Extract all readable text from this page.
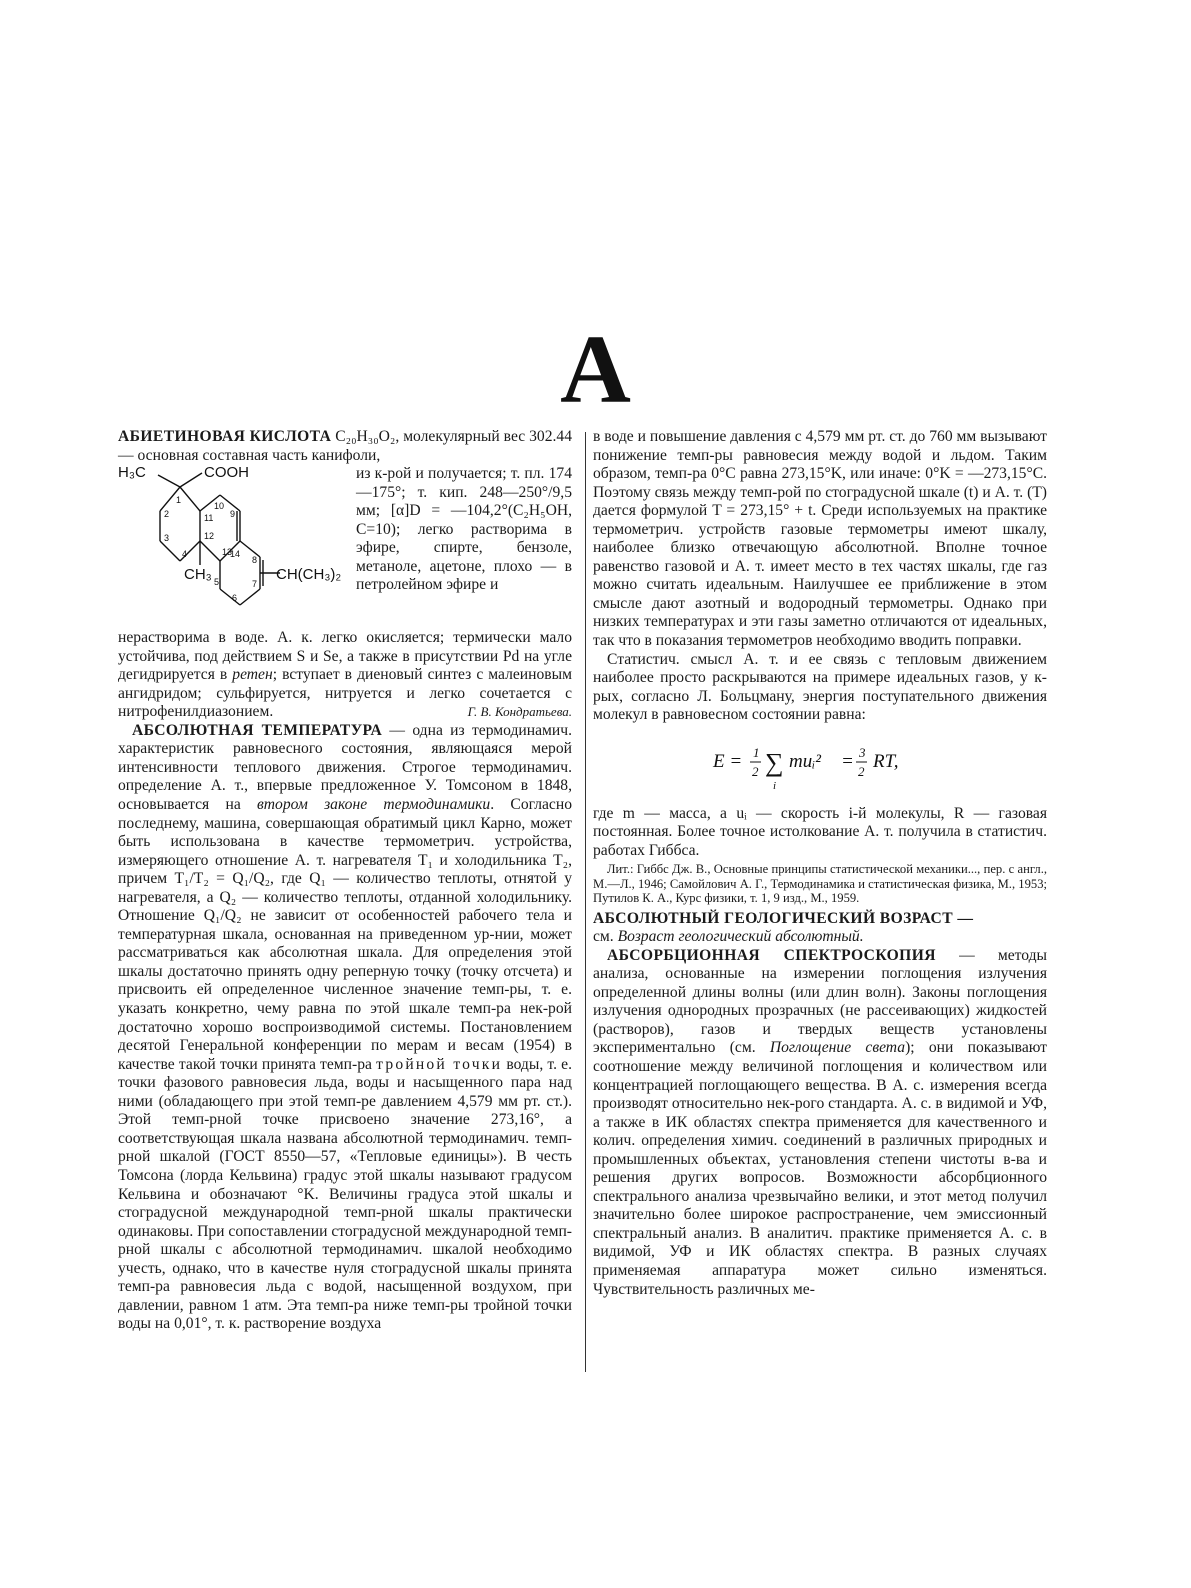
А

АБИЕТИНОВАЯ КИСЛОТА C₂₀H₃₀O₂, молекулярный вес 302.44 — основная составная часть канифоли,

H₃C	COOH
CH₃	CH(CH₃)₂
1
2
3
4
5
6
7
8
9
10
11
12
13
14

из к-рой и получается; т. пл. 174—175°; т. кип. 248—250°/9,5 мм; [α]D = —104,2°(C₂H₅OH, C=10); легко растворима в эфире, спирте, бензоле, метаноле, ацетоне, плохо — в петролейном эфире и

нерастворима в воде. А. к. легко окисляется; термически мало устойчива, под действием S и Se, а также в присутствии Pd на угле дегидрируется в ретен; вступает в диеновый синтез с малеиновым ангидридом; сульфируется, нитруется и легко сочетается с нитрофенилдиазонием.	Г. В. Кондратьева.

АБСОЛЮТНАЯ ТЕМПЕРАТУРА — одна из термодинамич. характеристик равновесного состояния, являющаяся мерой интенсивности теплового движения. Строгое термодинамич. определение А. т., впервые предложенное У. Томсоном в 1848, основывается на втором законе термодинамики. Согласно последнему, машина, совершающая обратимый цикл Карно, может быть использована в качестве термометрич. устройства, измеряющего отношение А. т. нагревателя T₁ и холодильника T₂, причем T₁/T₂ = Q₁/Q₂, где Q₁ — количество теплоты, отнятой у нагревателя, а Q₂ — количество теплоты, отданной холодильнику. Отношение Q₁/Q₂ не зависит от особенностей рабочего тела и температурная шкала, основанная на приведенном ур-нии, может рассматриваться как абсолютная шкала. Для определения этой шкалы достаточно принять одну реперную точку (точку отсчета) и присвоить ей определенное численное значение темп-ры, т. е. указать конкретно, чему равна по этой шкале темп-ра нек-рой достаточно хорошо воспроизводимой системы. Постановлением десятой Генеральной конференции по мерам и весам (1954) в качестве такой точки принята темп-ра тройной точки воды, т. е. точки фазового равновесия льда, воды и насыщенного пара над ними (обладающего при этой темп-ре давлением 4,579 мм рт. ст.). Этой темп-рной точке присвоено значение 273,16°, а соответствующая шкала названа абсолютной термодинамич. темп-рной шкалой (ГОСТ 8550—57, «Тепловые единицы»). В честь Томсона (лорда Кельвина) градус этой шкалы называют градусом Кельвина и обозначают °K. Величины градуса этой шкалы и стоградусной международной темп-рной шкалы практически одинаковы. При сопоставлении стоградусной международной темп-рной шкалы с абсолютной термодинамич. шкалой необходимо учесть, однако, что в качестве нуля стоградусной шкалы принята темп-ра равновесия льда с водой, насыщенной воздухом, при давлении, равном 1 атм. Эта темп-ра ниже темп-ры тройной точки воды на 0,01°, т. к. растворение воздуха

в воде и повышение давления с 4,579 мм рт. ст. до 760 мм вызывают понижение темп-ры равновесия между водой и льдом. Таким образом, темп-ра 0°C равна 273,15°K, или иначе: 0°K = —273,15°C. Поэтому связь между темп-рой по стоградусной шкале (t) и А. т. (T) дается формулой T = 273,15° + t. Среди используемых на практике термометрич. устройств газовые термометры имеют шкалу, наиболее близко отвечающую абсолютной. Вполне точное равенство газовой и А. т. имеет место в тех частях шкалы, где газ можно считать идеальным. Наилучшее ее приближение в этом смысле дают азотный и водородный термометры. Однако при низких температурах и эти газы заметно отличаются от идеальных, так что в показания термометров необходимо вводить поправки.

Статистич. смысл А. т. и ее связь с тепловым движением наиболее просто раскрываются на примере идеальных газов, у к-рых, согласно Л. Больцману, энергия поступательного движения молекул в равновесном состоянии равна:

E = 1
2 ∑
i
muᵢ² = 3
2 RT,

где m — масса, а uᵢ — скорость i-й молекулы, R — газовая постоянная. Более точное истолкование А. т. получила в статистич. работах Гиббса.

Лит.: Гиббс Дж. В., Основные принципы статистической механики..., пер. с англ., М.—Л., 1946; Самойлович А. Г., Термодинамика и статистическая физика, М., 1953; Путилов К. А., Курс физики, т. 1, 9 изд., М., 1959.

АБСОЛЮТНЫЙ ГЕОЛОГИЧЕСКИЙ ВОЗРАСТ —
см. Возраст геологический абсолютный.

АБСОРБЦИОННАЯ СПЕКТРОСКОПИЯ — методы анализа, основанные на измерении поглощения излучения определенной длины волны (или длин волн). Законы поглощения излучения однородных прозрачных (не рассеивающих) жидкостей (растворов), газов и твердых веществ установлены экспериментально (см. Поглощение света); они показывают соотношение между величиной поглощения и количеством или концентрацией поглощающего вещества. В А. с. измерения всегда производят относительно нек-рого стандарта. А. с. в видимой и УФ, а также в ИК областях спектра применяется для качественного и колич. определения химич. соединений в различных природных и промышленных объектах, установления степени чистоты в-ва и решения других вопросов. Возможности абсорбционного спектрального анализа чрезвычайно велики, и этот метод получил значительно более широкое распространение, чем эмиссионный спектральный анализ. В аналитич. практике применяется А. с. в видимой, УФ и ИК областях спектра. В разных случаях применяемая аппаратура может сильно изменяться. Чувствительность различных ме-
